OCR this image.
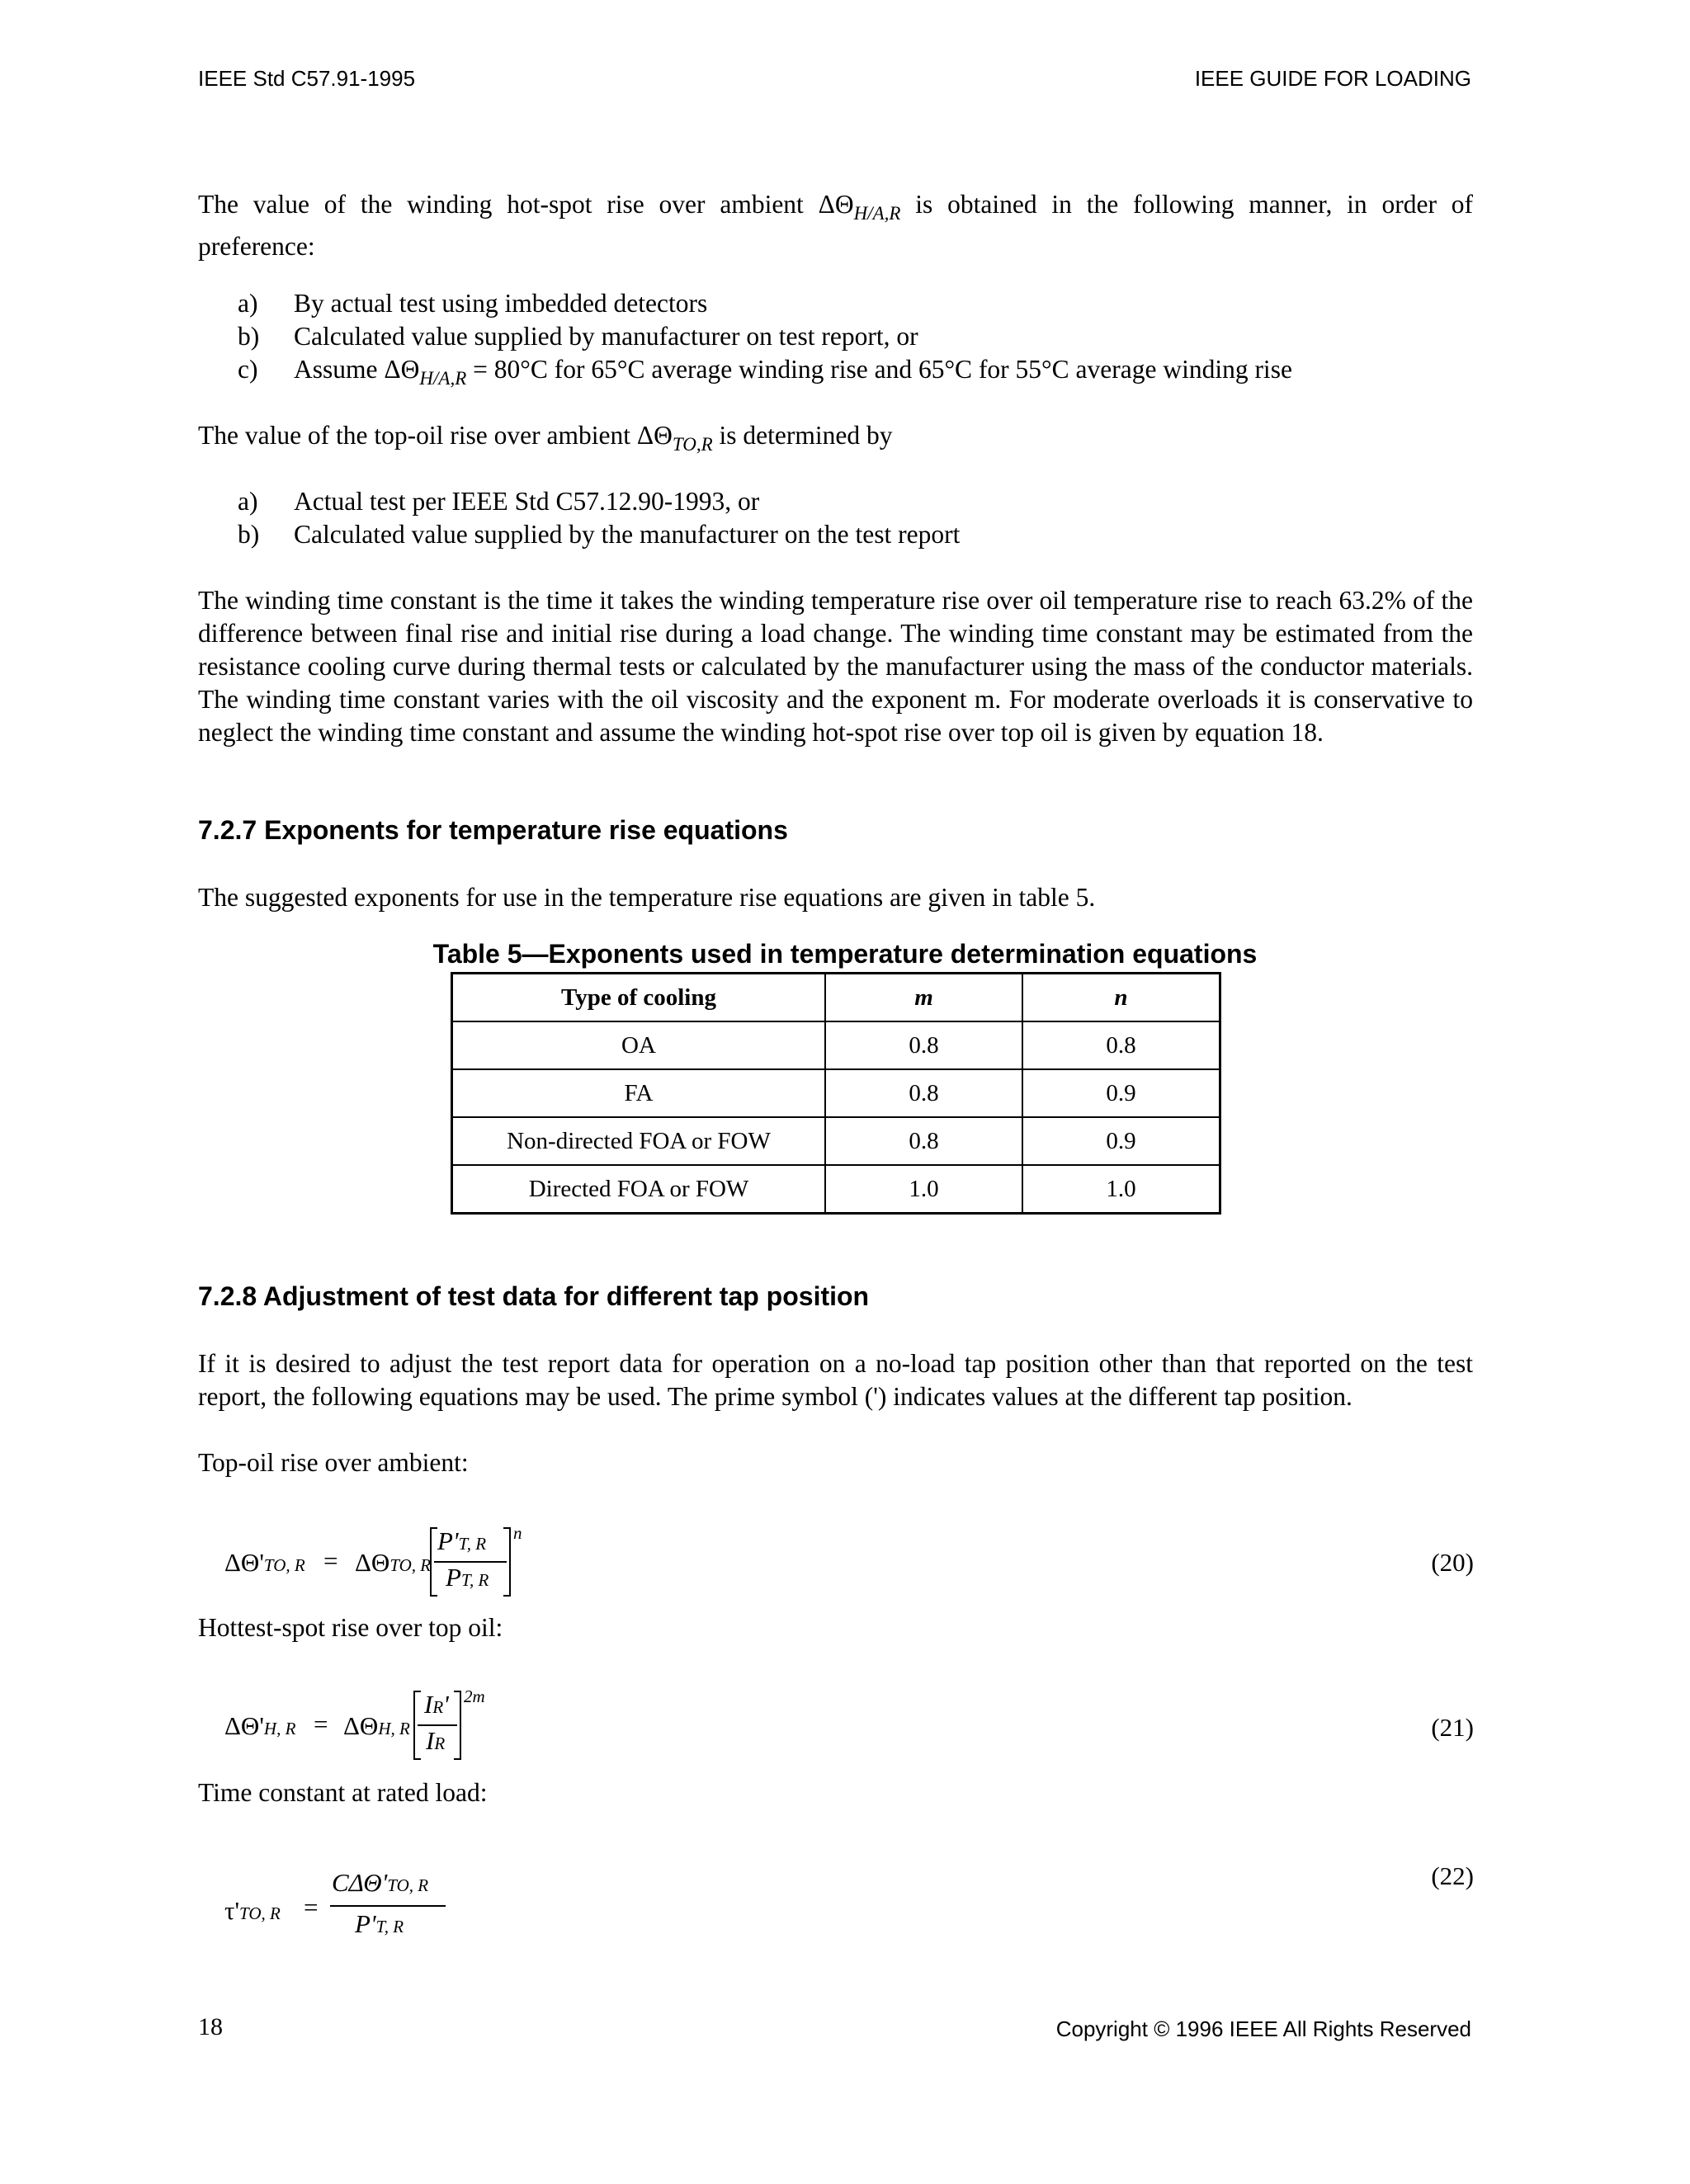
IEEE Std C57.91-1995	IEEE GUIDE FOR LOADING
The value of the winding hot-spot rise over ambient $\Delta\Theta_{H/A,R}$ is obtained in the following manner, in order of
preference:
a)	By actual test using imbedded detectors
b)	Calculated value supplied by manufacturer on test report, or
c)	Assume $\Delta\Theta_{H/A,R} = 80^\circ C$ for 65°C average winding rise and 65°C for 55°C average winding rise
The value of the top-oil rise over ambient $\Delta\Theta_{TO,R}$ is determined by
a)	Actual test per IEEE Std C57.12.90-1993, or
b)	Calculated value supplied by the manufacturer on the test report
The winding time constant is the time it takes the winding temperature rise over oil temperature rise to reach 63.2% of the difference between final rise and initial rise during a load change. The winding time constant may be estimated from the resistance cooling curve during thermal tests or calculated by the manufacturer using the mass of the conductor materials. The winding time constant varies with the oil viscosity and the exponent m. For moderate overloads it is conservative to neglect the winding time constant and assume the winding hot-spot rise over top oil is given by equation 18.
7.2.7 Exponents for temperature rise equations
The suggested exponents for use in the temperature rise equations are given in table 5.
Table 5—Exponents used in temperature determination equations
Type of cooling	m	n
OA	0.8	0.8
FA	0.8	0.9
Non-directed FOA or FOW	0.8	0.9
Directed FOA or FOW	1.0	1.0
7.2.8 Adjustment of test data for different tap position
If it is desired to adjust the test report data for operation on a no-load tap position other than that reported on the test report, the following equations may be used. The prime symbol (') indicates values at the different tap position.
Top-oil rise over ambient:
ΔΘ'TO, R = ΔΘTO, R
P'T, R
PT, R
n
(20)
Hottest-spot rise over top oil:
ΔΘ'H, R = ΔΘH, R
IR'
IR
2m
(21)
Time constant at rated load:
τ'TO, R =
CΔΘ'TO, R
P'T, R
(22)
18	Copyright © 1996 IEEE All Rights Reserved
